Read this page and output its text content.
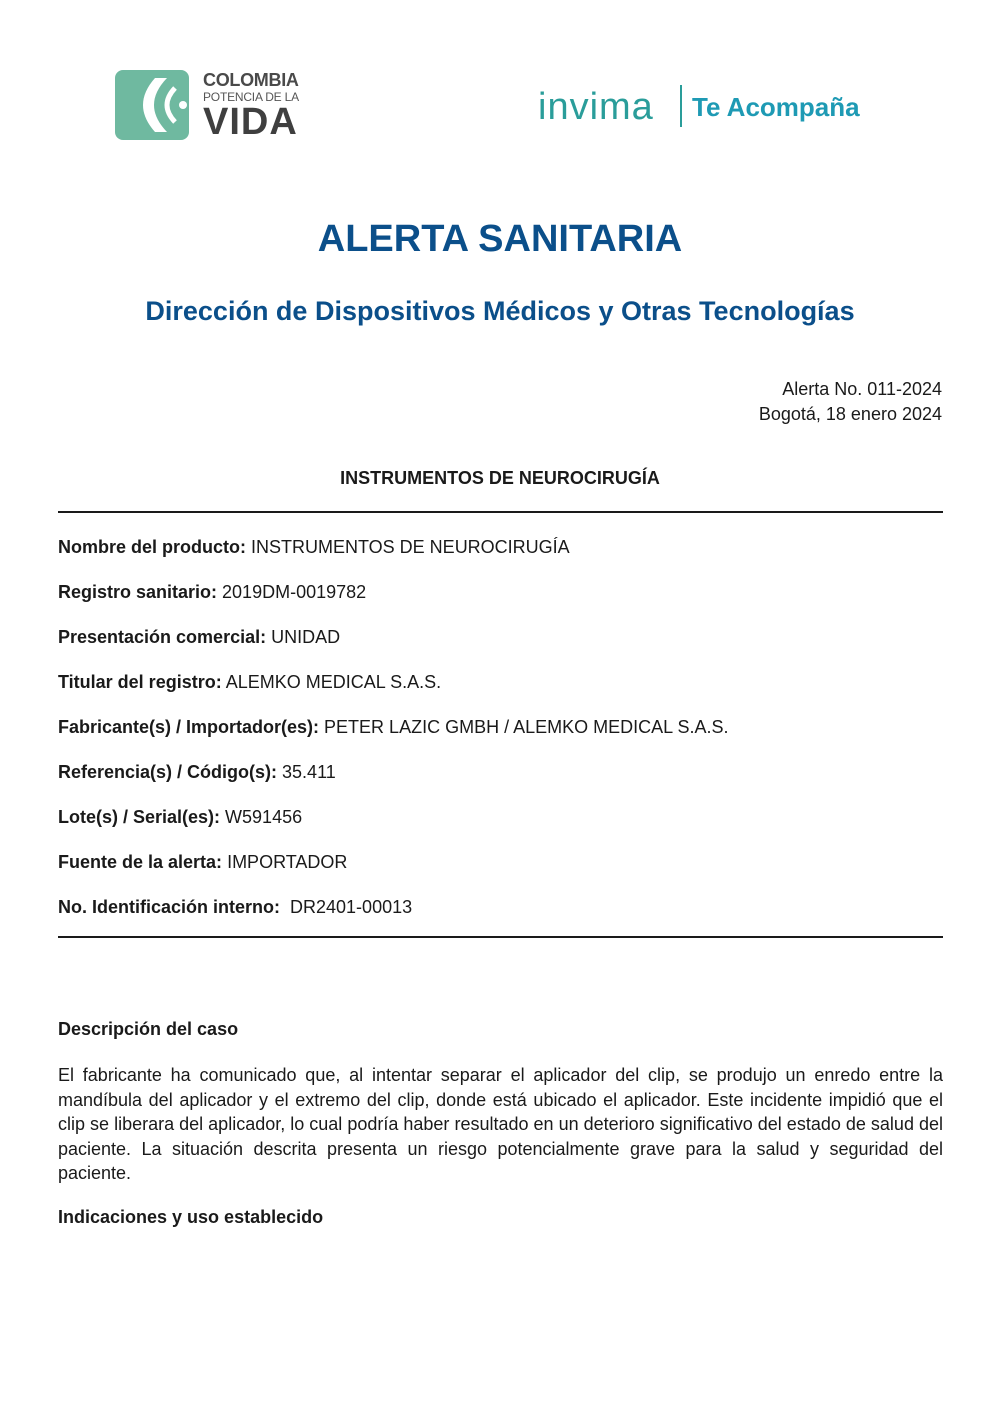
COLOMBIA
POTENCIA DE LA
VIDA	invima Te Acompaña
ALERTA SANITARIA
Dirección de Dispositivos Médicos y Otras Tecnologías
Alerta No. 011-2024
Bogotá, 18 enero 2024
INSTRUMENTOS DE NEUROCIRUGÍA
Nombre del producto: INSTRUMENTOS DE NEUROCIRUGÍA
Registro sanitario: 2019DM-0019782
Presentación comercial: UNIDAD
Titular del registro: ALEMKO MEDICAL S.A.S.
Fabricante(s) / Importador(es): PETER LAZIC GMBH / ALEMKO MEDICAL S.A.S.
Referencia(s) / Código(s): 35.411
Lote(s) / Serial(es): W591456
Fuente de la alerta: IMPORTADOR
No. Identificación interno:  DR2401-00013
Descripción del caso

El fabricante ha comunicado que, al intentar separar el aplicador del clip, se produjo un enredo entre la mandíbula del aplicador y el extremo del clip, donde está ubicado el aplicador. Este incidente impidió que el clip se liberara del aplicador, lo cual podría haber resultado en un deterioro significativo del estado de salud del paciente. La situación descrita presenta un riesgo potencialmente grave para la salud y seguridad del paciente.

Indicaciones y uso establecido
